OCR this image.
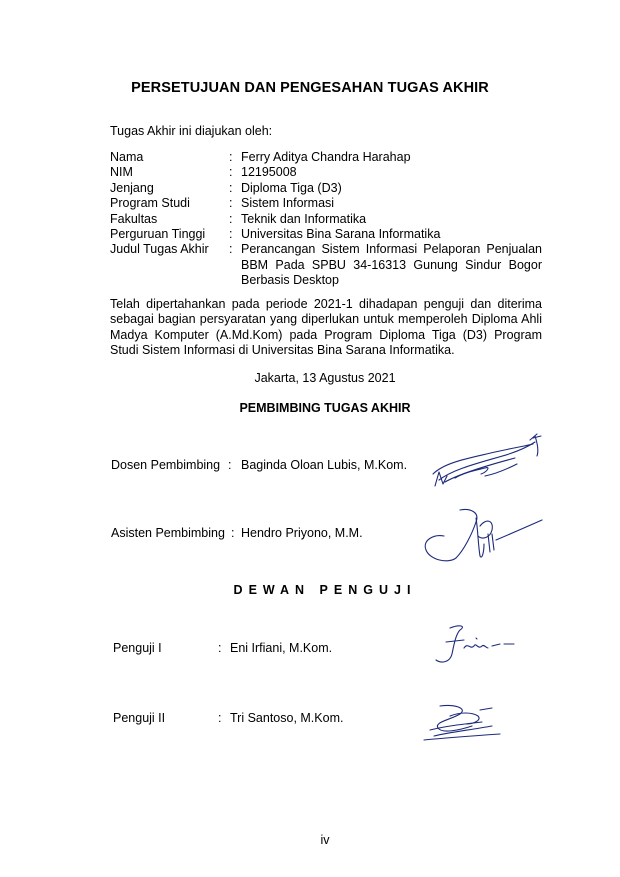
PERSETUJUAN DAN PENGESAHAN TUGAS AKHIR
Tugas Akhir ini diajukan oleh:
Nama	:	Ferry Aditya Chandra Harahap
NIM	:	12195008
Jenjang	:	Diploma Tiga (D3)
Program Studi	:	Sistem Informasi
Fakultas	:	Teknik dan Informatika
Perguruan Tinggi	:	Universitas Bina Sarana Informatika
Judul Tugas Akhir	:	Perancangan Sistem Informasi Pelaporan Penjualan BBM Pada SPBU 34-16313 Gunung Sindur Bogor Berbasis Desktop
Telah dipertahankan pada periode 2021-1 dihadapan penguji dan diterima sebagai bagian persyaratan yang diperlukan untuk memperoleh Diploma Ahli Madya Komputer (A.Md.Kom) pada Program Diploma Tiga (D3) Program Studi Sistem Informasi di Universitas Bina Sarana Informatika.
Jakarta, 13 Agustus 2021
PEMBIMBING TUGAS AKHIR
Dosen Pembimbing : Baginda Oloan Lubis, M.Kom.
Asisten Pembimbing : Hendro Priyono, M.M.
DEWAN PENGUJI
Penguji I	: Eni Irfiani, M.Kom.
Penguji II	: Tri Santoso, M.Kom.
iv
